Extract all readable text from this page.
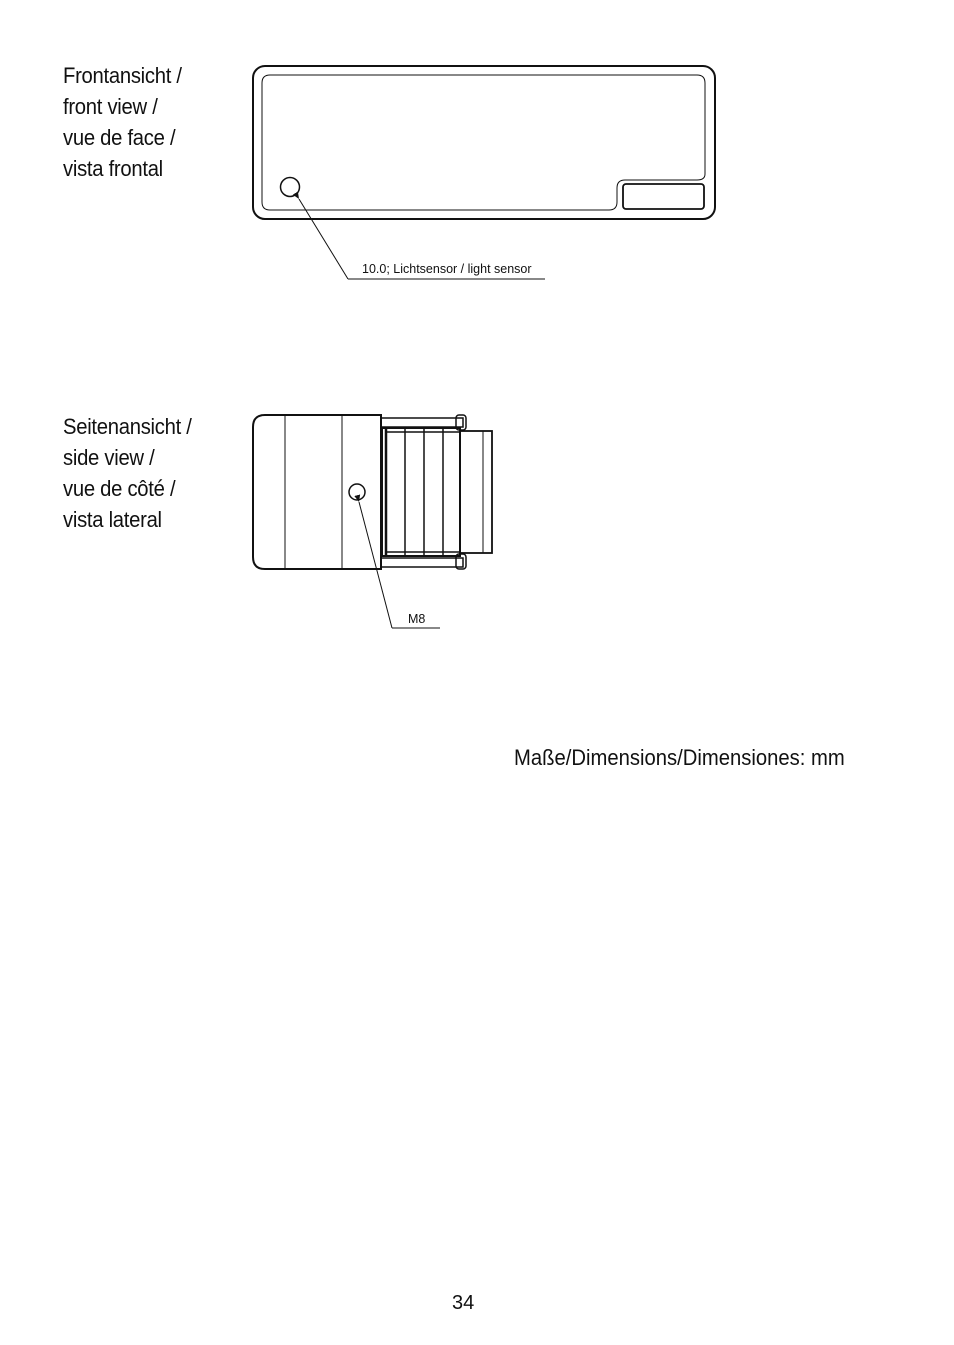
Frontansicht /
front view /
vue de face /
vista frontal
Seitenansicht /
side view /
vue de côté /
vista lateral
10.0; Lichtsensor / light sensor
M8
Maße/Dimensions/Dimensiones: mm
34
